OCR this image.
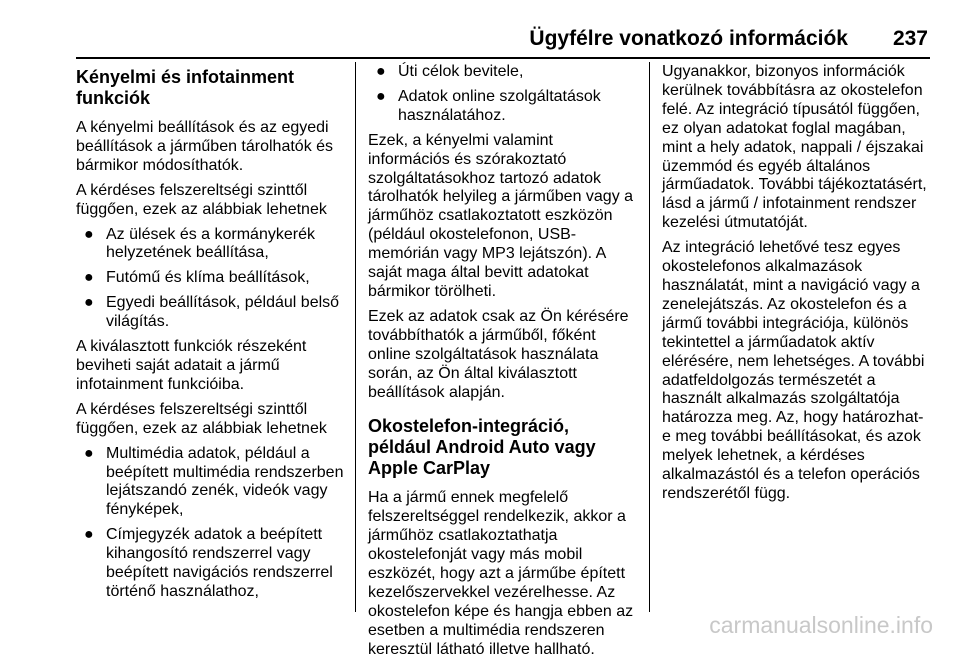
Ügyfélre vonatkozó információk	237
Kényelmi és infotainment funkciók

A kényelmi beállítások és az egyedi beállítások a járműben tárolhatók és bármikor módosíthatók.

A kérdéses felszereltségi szinttől függően, ezek az alábbiak lehetnek

● Az ülések és a kormánykerék helyzetének beállítása,
● Futómű és klíma beállítások,
● Egyedi beállítások, például belső világítás.

A kiválasztott funkciók részeként beviheti saját adatait a jármű infotainment funkcióiba.

A kérdéses felszereltségi szinttől függően, ezek az alábbiak lehetnek

● Multimédia adatok, például a beépített multimédia rendszerben lejátszandó zenék, videók vagy fényképek,
● Címjegyzék adatok a beépített kihangosító rendszerrel vagy beépített navigációs rendszerrel történő használathoz,
● Úti célok bevitele,
● Adatok online szolgáltatások használatához.

Ezek, a kényelmi valamint információs és szórakoztató szolgáltatásokhoz tartozó adatok tárolhatók helyileg a járműben vagy a járműhöz csatlakoztatott eszközön (például okostelefonon, USB-memórián vagy MP3 lejátszón). A saját maga által bevitt adatokat bármikor törölheti.

Ezek az adatok csak az Ön kérésére továbbíthatók a járműből, főként online szolgáltatások használata során, az Ön által kiválasztott beállítások alapján.

Okostelefon-integráció, például Android Auto vagy Apple CarPlay

Ha a jármű ennek megfelelő felszereltséggel rendelkezik, akkor a járműhöz csatlakoztathatja okostelefonját vagy más mobil eszközét, hogy azt a járműbe épített kezelőszervekkel vezérelhesse. Az okostelefon képe és hangja ebben az esetben a multimédia rendszeren keresztül látható illetve hallható.

Ugyanakkor, bizonyos információk kerülnek továbbításra az okostelefon felé. Az integráció típusától függően, ez olyan adatokat foglal magában, mint a hely adatok, nappali / éjszakai üzemmód és egyéb általános járműadatok. További tájékoztatásért, lásd a jármű / infotainment rendszer kezelési útmutatóját.

Az integráció lehetővé tesz egyes okostelefonos alkalmazások használatát, mint a navigáció vagy a zenelejátszás. Az okostelefon és a jármű további integrációja, különös tekintettel a járműadatok aktív elérésére, nem lehetséges. A további adatfeldolgozás természetét a használt alkalmazás szolgáltatója határozza meg. Az, hogy határozhat-e meg további beállításokat, és azok melyek lehetnek, a kérdéses alkalmazástól és a telefon operációs rendszerétől függ.

carmanualsonline.info
